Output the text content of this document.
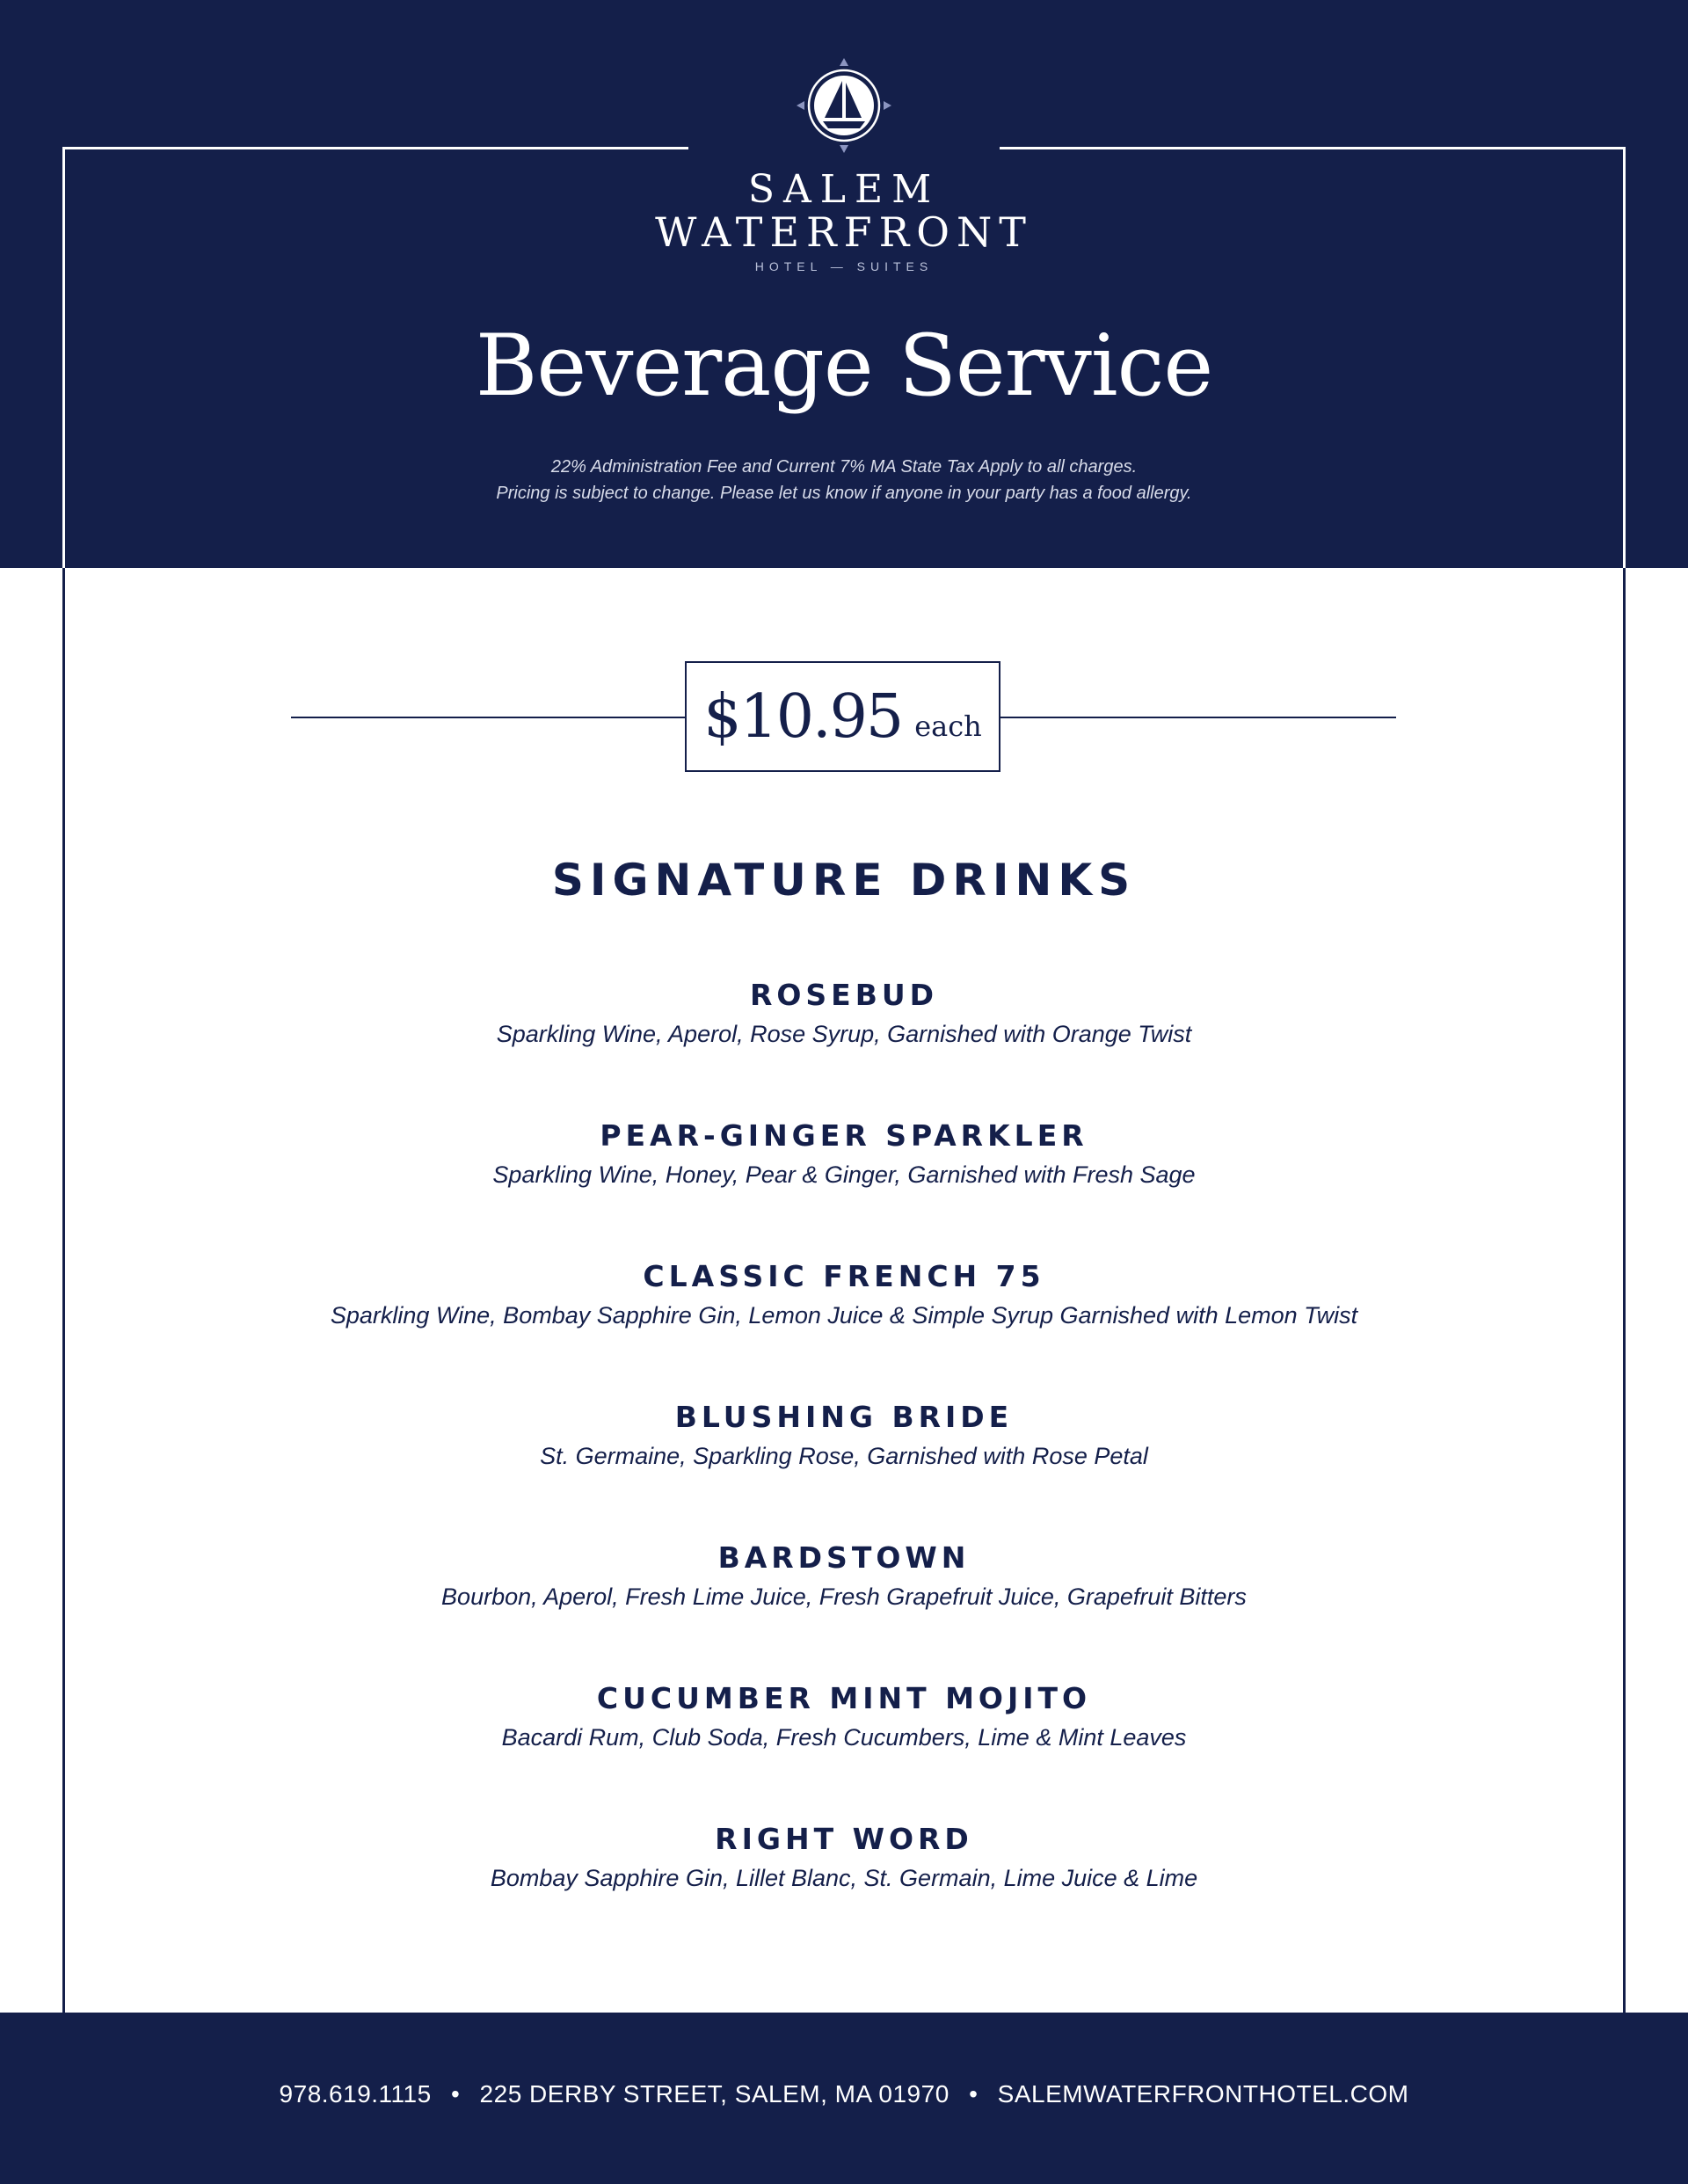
SALEM
WATERFRONT
HOTEL — SUITES
Beverage Service
22% Administration Fee and Current 7% MA State Tax Apply to all charges.
Pricing is subject to change. Please let us know if anyone in your party has a food allergy.
$10.95 each
SIGNATURE DRINKS
ROSEBUD
Sparkling Wine, Aperol, Rose Syrup, Garnished with Orange Twist
PEAR-GINGER SPARKLER
Sparkling Wine, Honey, Pear & Ginger, Garnished with Fresh Sage
CLASSIC FRENCH 75
Sparkling Wine, Bombay Sapphire Gin, Lemon Juice & Simple Syrup Garnished with Lemon Twist
BLUSHING BRIDE
St. Germaine, Sparkling Rose, Garnished with Rose Petal
BARDSTOWN
Bourbon, Aperol, Fresh Lime Juice, Fresh Grapefruit Juice, Grapefruit Bitters
CUCUMBER MINT MOJITO
Bacardi Rum, Club Soda, Fresh Cucumbers, Lime & Mint Leaves
RIGHT WORD
Bombay Sapphire Gin, Lillet Blanc, St. Germain, Lime Juice & Lime
978.619.1115 • 225 DERBY STREET, SALEM, MA 01970 • SALEMWATERFRONTHOTEL.COM
